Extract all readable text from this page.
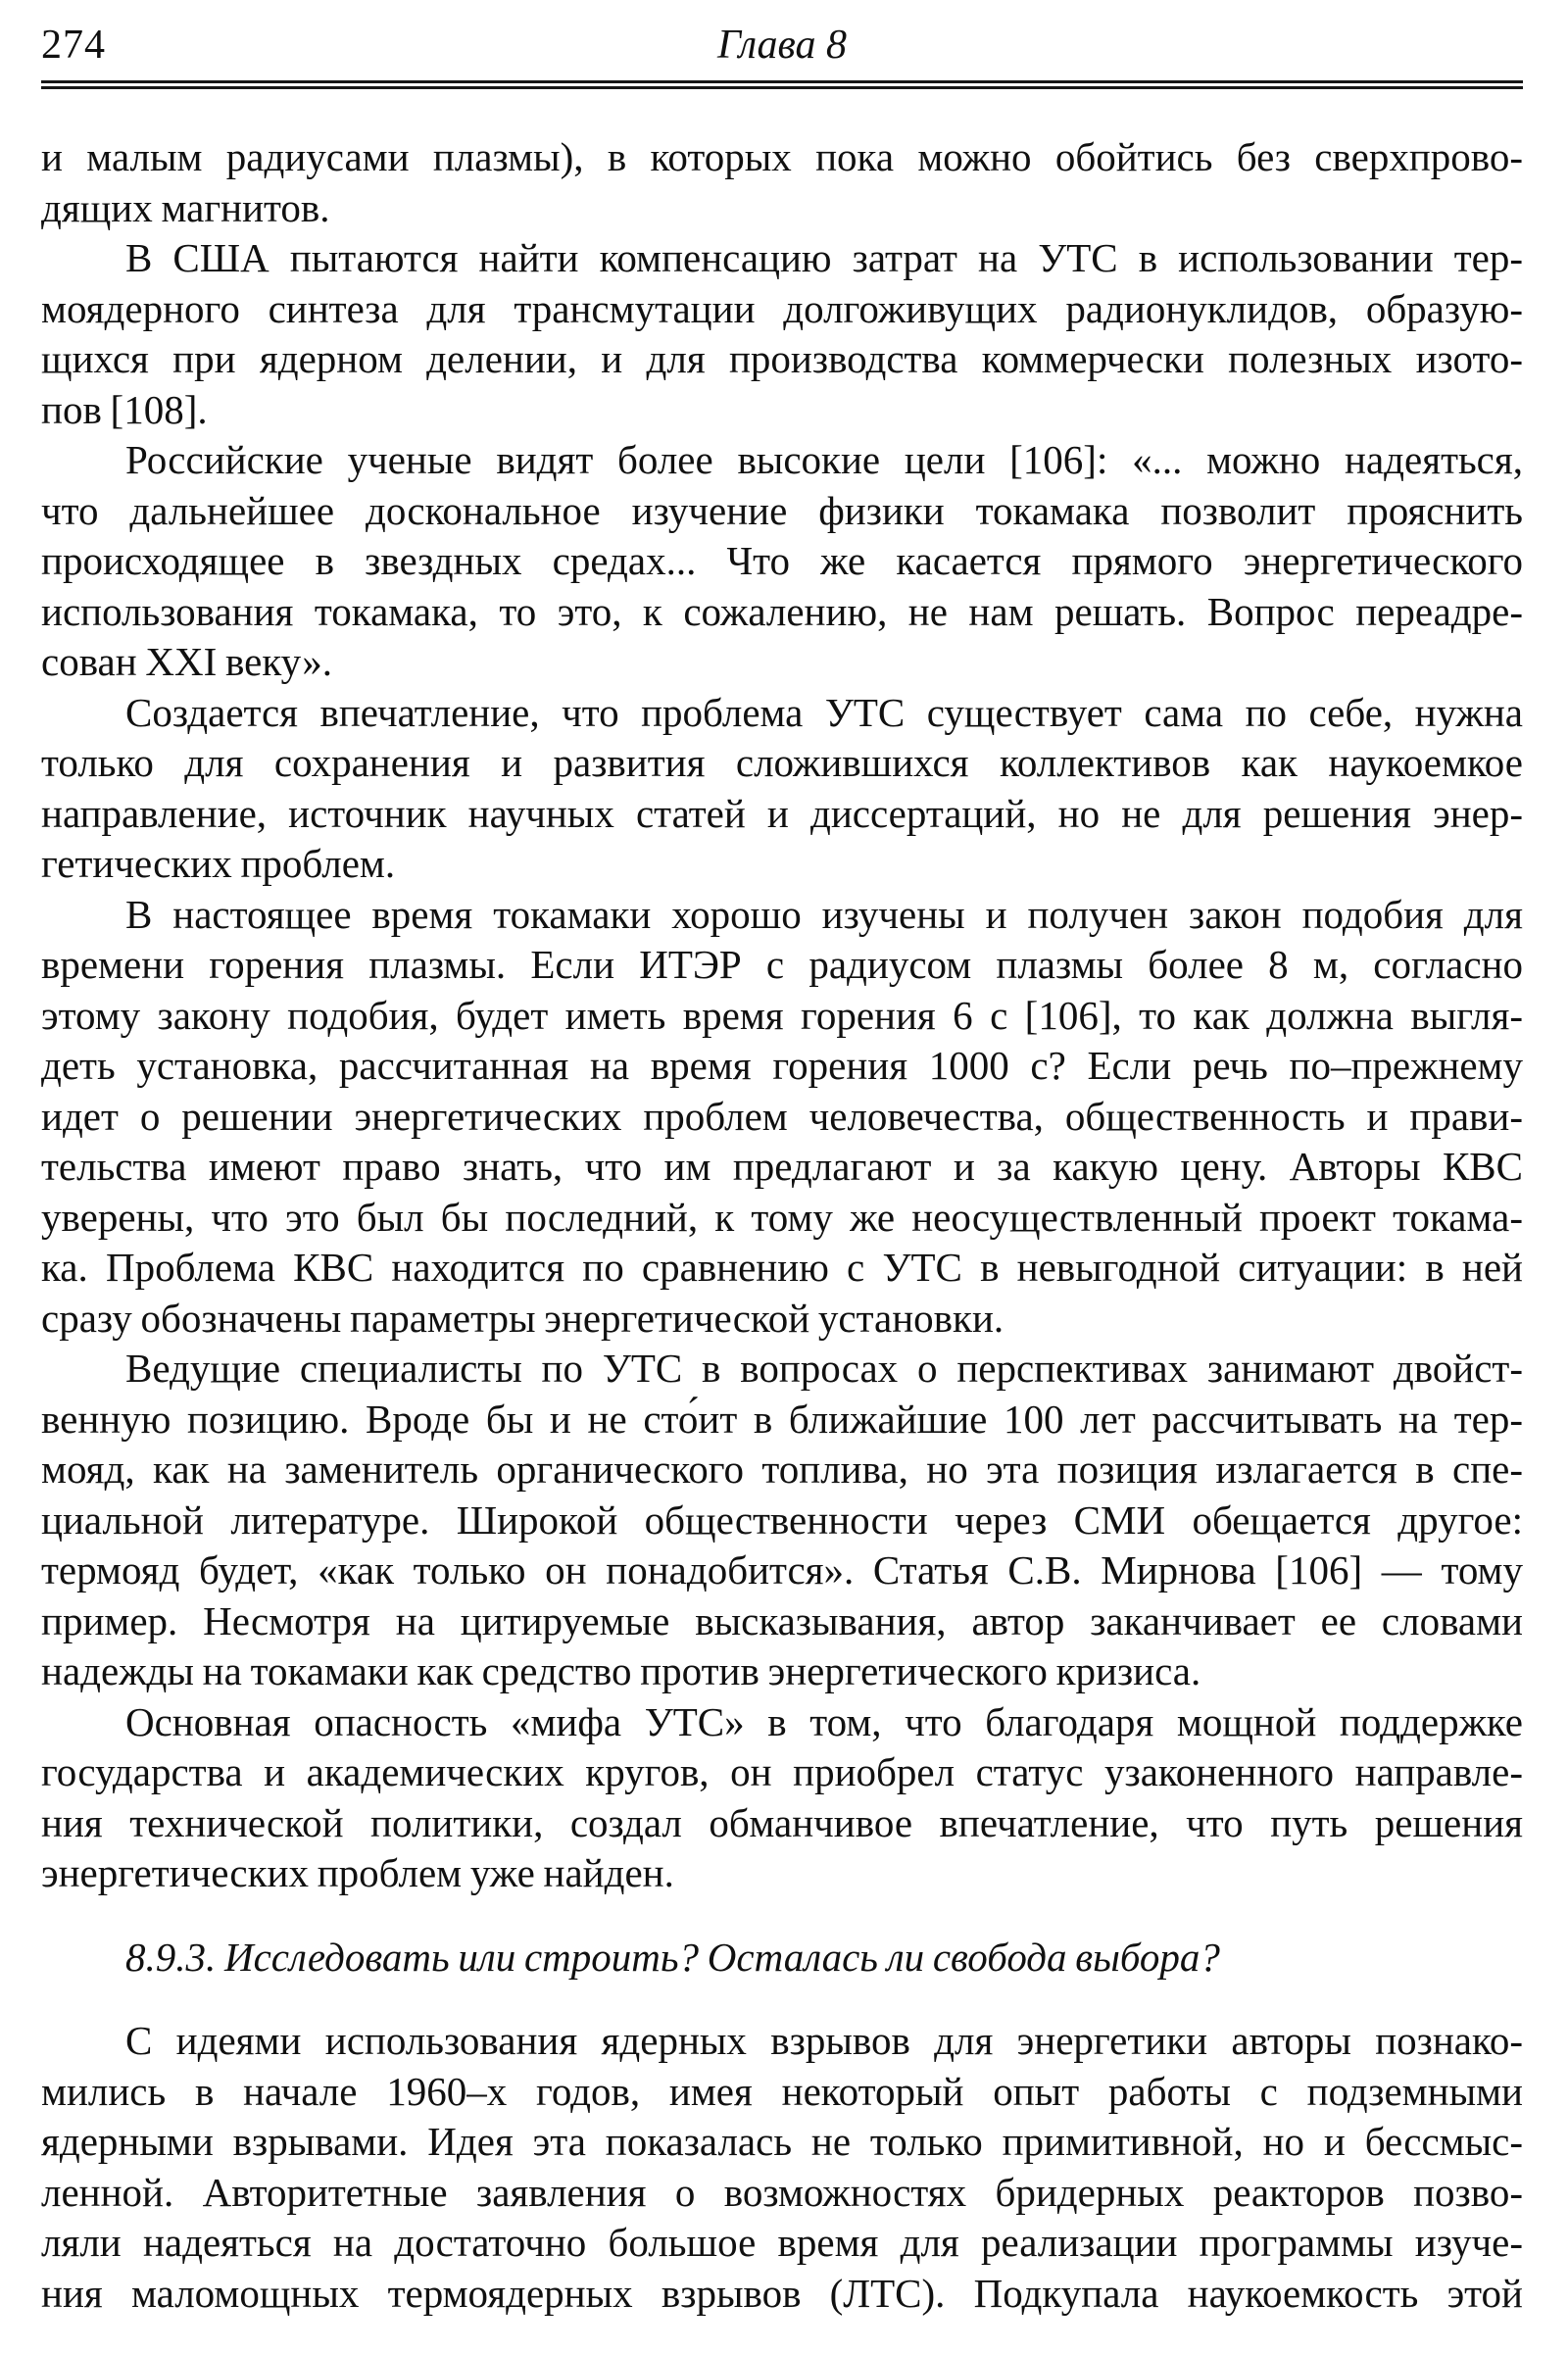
274	Глава 8
и малым радиусами плазмы), в которых пока можно обойтись без сверхпрово-
дящих магнитов.
В США пытаются найти компенсацию затрат на УТС в использовании тер-
моядерного синтеза для трансмутации долгоживущих радионуклидов, образую-
щихся при ядерном делении, и для производства коммерчески полезных изото-
пов [108].
Российские ученые видят более высокие цели [106]: «... можно надеяться,
что дальнейшее доскональное изучение физики токамака позволит прояснить
происходящее в звездных средах... Что же касается прямого энергетического
использования токамака, то это, к сожалению, не нам решать. Вопрос переадре-
сован XXI веку».
Создается впечатление, что проблема УТС существует сама по себе, нужна
только для сохранения и развития сложившихся коллективов как наукоемкое
направление, источник научных статей и диссертаций, но не для решения энер-
гетических проблем.
В настоящее время токамаки хорошо изучены и получен закон подобия для
времени горения плазмы. Если ИТЭР с радиусом плазмы более 8 м, согласно
этому закону подобия, будет иметь время горения 6 с [106], то как должна выгля-
деть установка, рассчитанная на время горения 1000 с? Если речь по–прежнему
идет о решении энергетических проблем человечества, общественность и прави-
тельства имеют право знать, что им предлагают и за какую цену. Авторы КВС
уверены, что это был бы последний, к тому же неосуществленный проект токама-
ка. Проблема КВС находится по сравнению с УТС в невыгодной ситуации: в ней
сразу обозначены параметры энергетической установки.
Ведущие специалисты по УТС в вопросах о перспективах занимают двойст-
венную позицию. Вроде бы и не сто́ит в ближайшие 100 лет рассчитывать на тер-
мояд, как на заменитель органического топлива, но эта позиция излагается в спе-
циальной литературе. Широкой общественности через СМИ обещается другое:
термояд будет, «как только он понадобится». Статья С.В. Мирнова [106] — тому
пример. Несмотря на цитируемые высказывания, автор заканчивает ее словами
надежды на токамаки как средство против энергетического кризиса.
Основная опасность «мифа УТС» в том, что благодаря мощной поддержке
государства и академических кругов, он приобрел статус узаконенного направле-
ния технической политики, создал обманчивое впечатление, что путь решения
энергетических проблем уже найден.
8.9.3. Исследовать или строить? Осталась ли свобода выбора?
С идеями использования ядерных взрывов для энергетики авторы познако-
мились в начале 1960–х годов, имея некоторый опыт работы с подземными
ядерными взрывами. Идея эта показалась не только примитивной, но и бессмыс-
ленной. Авторитетные заявления о возможностях бридерных реакторов позво-
ляли надеяться на достаточно большое время для реализации программы изуче-
ния маломощных термоядерных взрывов (ЛТС). Подкупала наукоемкость этой
